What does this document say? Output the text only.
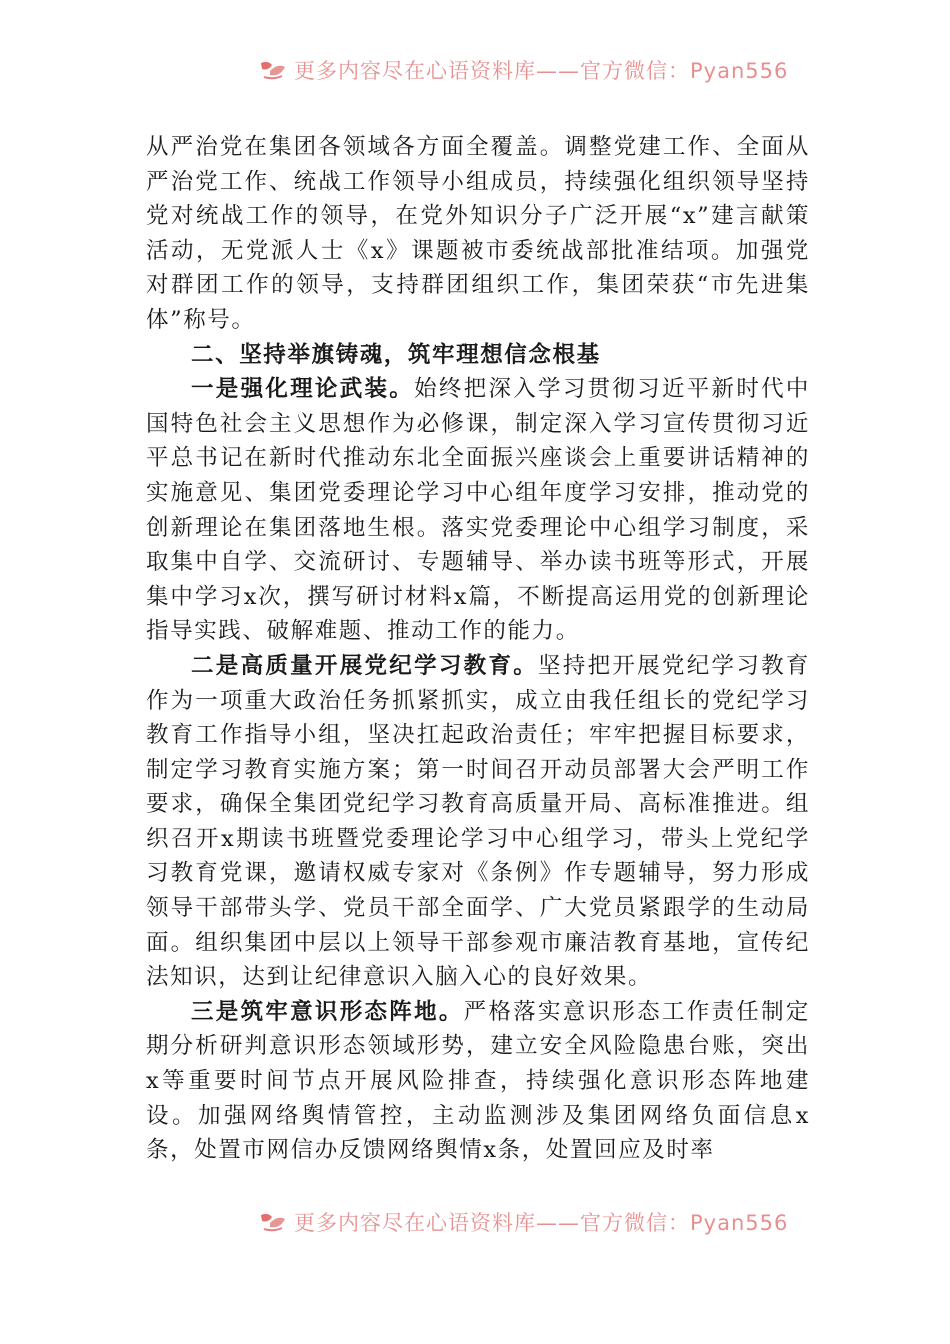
更多内容尽在心语资料库——官方微信：Pyan556

从严治党在集团各领域各方面全覆盖。调整党建工作、全面从严治党工作、统战工作领导小组成员，持续强化组织领导坚持党对统战工作的领导，在党外知识分子广泛开展“x”建言献策活动，无党派人士《x》课题被市委统战部批准结项。加强党对群团工作的领导，支持群团组织工作，集团荣获“市先进集体”称号。

二、坚持举旗铸魂，筑牢理想信念根基

一是强化理论武装。始终把深入学习贯彻习近平新时代中国特色社会主义思想作为必修课，制定深入学习宣传贯彻习近平总书记在新时代推动东北全面振兴座谈会上重要讲话精神的实施意见、集团党委理论学习中心组年度学习安排，推动党的创新理论在集团落地生根。落实党委理论中心组学习制度，采取集中自学、交流研讨、专题辅导、举办读书班等形式，开展集中学习x次，撰写研讨材料x篇，不断提高运用党的创新理论指导实践、破解难题、推动工作的能力。

二是高质量开展党纪学习教育。坚持把开展党纪学习教育作为一项重大政治任务抓紧抓实，成立由我任组长的党纪学习教育工作指导小组，坚决扛起政治责任；牢牢把握目标要求，制定学习教育实施方案；第一时间召开动员部署大会严明工作要求，确保全集团党纪学习教育高质量开局、高标准推进。组织召开x期读书班暨党委理论学习中心组学习，带头上党纪学习教育党课，邀请权威专家对《条例》作专题辅导，努力形成领导干部带头学、党员干部全面学、广大党员紧跟学的生动局面。组织集团中层以上领导干部参观市廉洁教育基地，宣传纪法知识，达到让纪律意识入脑入心的良好效果。

三是筑牢意识形态阵地。严格落实意识形态工作责任制定期分析研判意识形态领域形势，建立安全风险隐患台账，突出x等重要时间节点开展风险排查，持续强化意识形态阵地建设。加强网络舆情管控，主动监测涉及集团网络负面信息x条，处置市网信办反馈网络舆情x条，处置回应及时率

更多内容尽在心语资料库——官方微信：Pyan556
